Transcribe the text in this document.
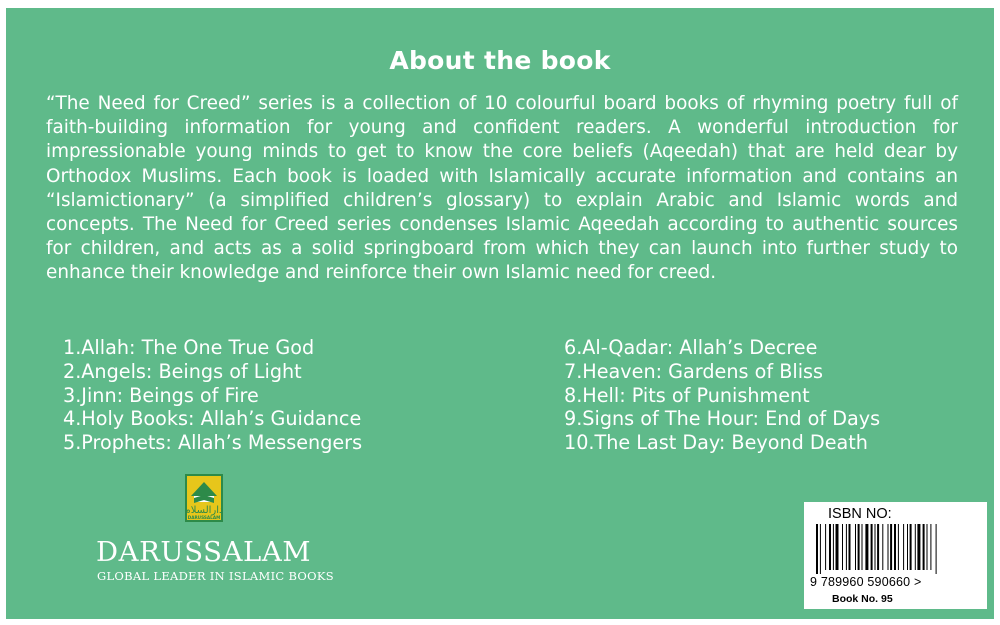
About the book
“The Need for Creed” series is a collection of 10 colourful board books of rhyming poetry full of faith-building information for young and confident readers. A wonderful introduction for impressionable young minds to get to know the core beliefs (Aqeedah) that are held dear by Orthodox Muslims. Each book is loaded with Islamically accurate information and contains an “Islamictionary” (a simplified children’s glossary) to explain Arabic and Islamic words and concepts. The Need for Creed series condenses Islamic Aqeedah according to authentic sources for children, and acts as a solid springboard from which they can launch into further study to enhance their knowledge and reinforce their own Islamic need for creed.
1.Allah: The One True God
2.Angels: Beings of Light
3.Jinn: Beings of Fire
4.Holy Books: Allah’s Guidance
5.Prophets: Allah’s Messengers
6.Al-Qadar: Allah’s Decree
7.Heaven: Gardens of Bliss
8.Hell: Pits of Punishment
9.Signs of The Hour: End of Days
10.The Last Day: Beyond Death
دارالسلام
DARUSSALAM
DARUSSALAM
GLOBAL LEADER IN ISLAMIC BOOKS
ISBN NO:
9 789960 590660 >
Book No. 95
